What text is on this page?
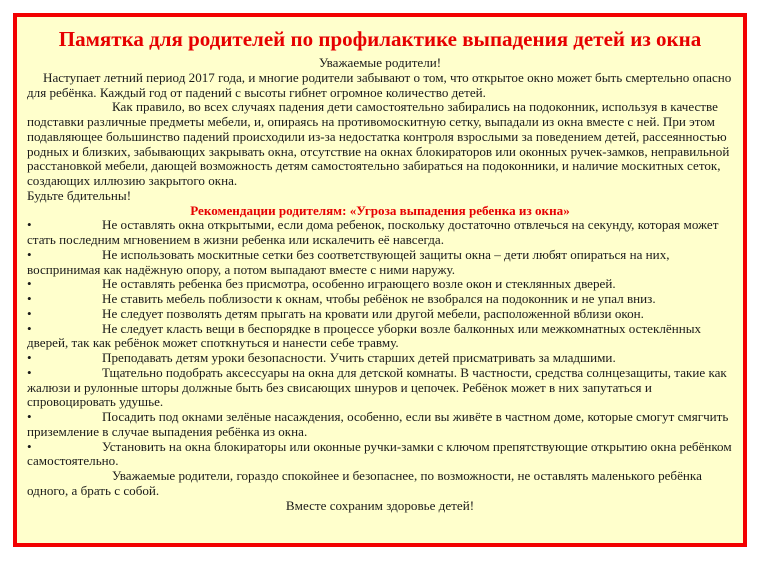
Памятка для родителей по профилактике выпадения детей из окна

Уважаемые родители!

Наступает летний период 2017 года, и многие родители забывают о том, что открытое окно может быть смертельно опасно для ребёнка. Каждый год от падений с высоты гибнет огромное количество детей.

Как правило, во всех случаях падения дети самостоятельно забирались на подоконник, используя в качестве подставки различные предметы мебели, и, опираясь на противомоскитную сетку, выпадали из окна вместе с ней. При этом подавляющее большинство падений происходили из-за недостатка контроля взрослыми за поведением детей, рассеянностью родных и близких, забывающих закрывать окна, отсутствие на окнах блокираторов или оконных ручек-замков, неправильной расстановкой мебели, дающей возможность детям самостоятельно забираться на подоконники, и наличие москитных сеток, создающих иллюзию закрытого окна.

Будьте бдительны!

Рекомендации родителям: «Угроза выпадения ребенка из окна»

•	Не оставлять окна открытыми, если дома ребенок, поскольку достаточно отвлечься на секунду, которая может стать последним мгновением в жизни ребенка или искалечить её навсегда.
•	Не использовать москитные сетки без соответствующей защиты окна – дети любят опираться на них, воспринимая как надёжную опору, а потом выпадают вместе с ними наружу.
•	Не оставлять ребенка без присмотра, особенно играющего возле окон и стеклянных дверей.
•	Не ставить мебель поблизости к окнам, чтобы ребёнок не взобрался на подоконник и не упал вниз.
•	Не следует позволять детям прыгать на кровати или другой мебели, расположенной вблизи окон.
•	Не следует класть вещи в беспорядке в процессе уборки возле балконных или межкомнатных остеклённых дверей, так как ребёнок может споткнуться и нанести себе травму.
•	Преподавать детям уроки безопасности. Учить старших детей присматривать за младшими.
•	Тщательно подобрать аксессуары на окна для детской комнаты. В частности, средства солнцезащиты, такие как жалюзи и рулонные шторы должные быть без свисающих шнуров и цепочек. Ребёнок может в них запутаться и спровоцировать удушье.
•	Посадить под окнами зелёные насаждения, особенно, если вы живёте в частном доме, которые смогут смягчить приземление в случае выпадения ребёнка из окна.
•	Установить на окна блокираторы или оконные ручки-замки с ключом препятствующие открытию окна ребёнком самостоятельно.

Уважаемые родители, гораздо спокойнее и безопаснее, по возможности, не оставлять маленького ребёнка одного, а брать с собой.

Вместе сохраним здоровье детей!
